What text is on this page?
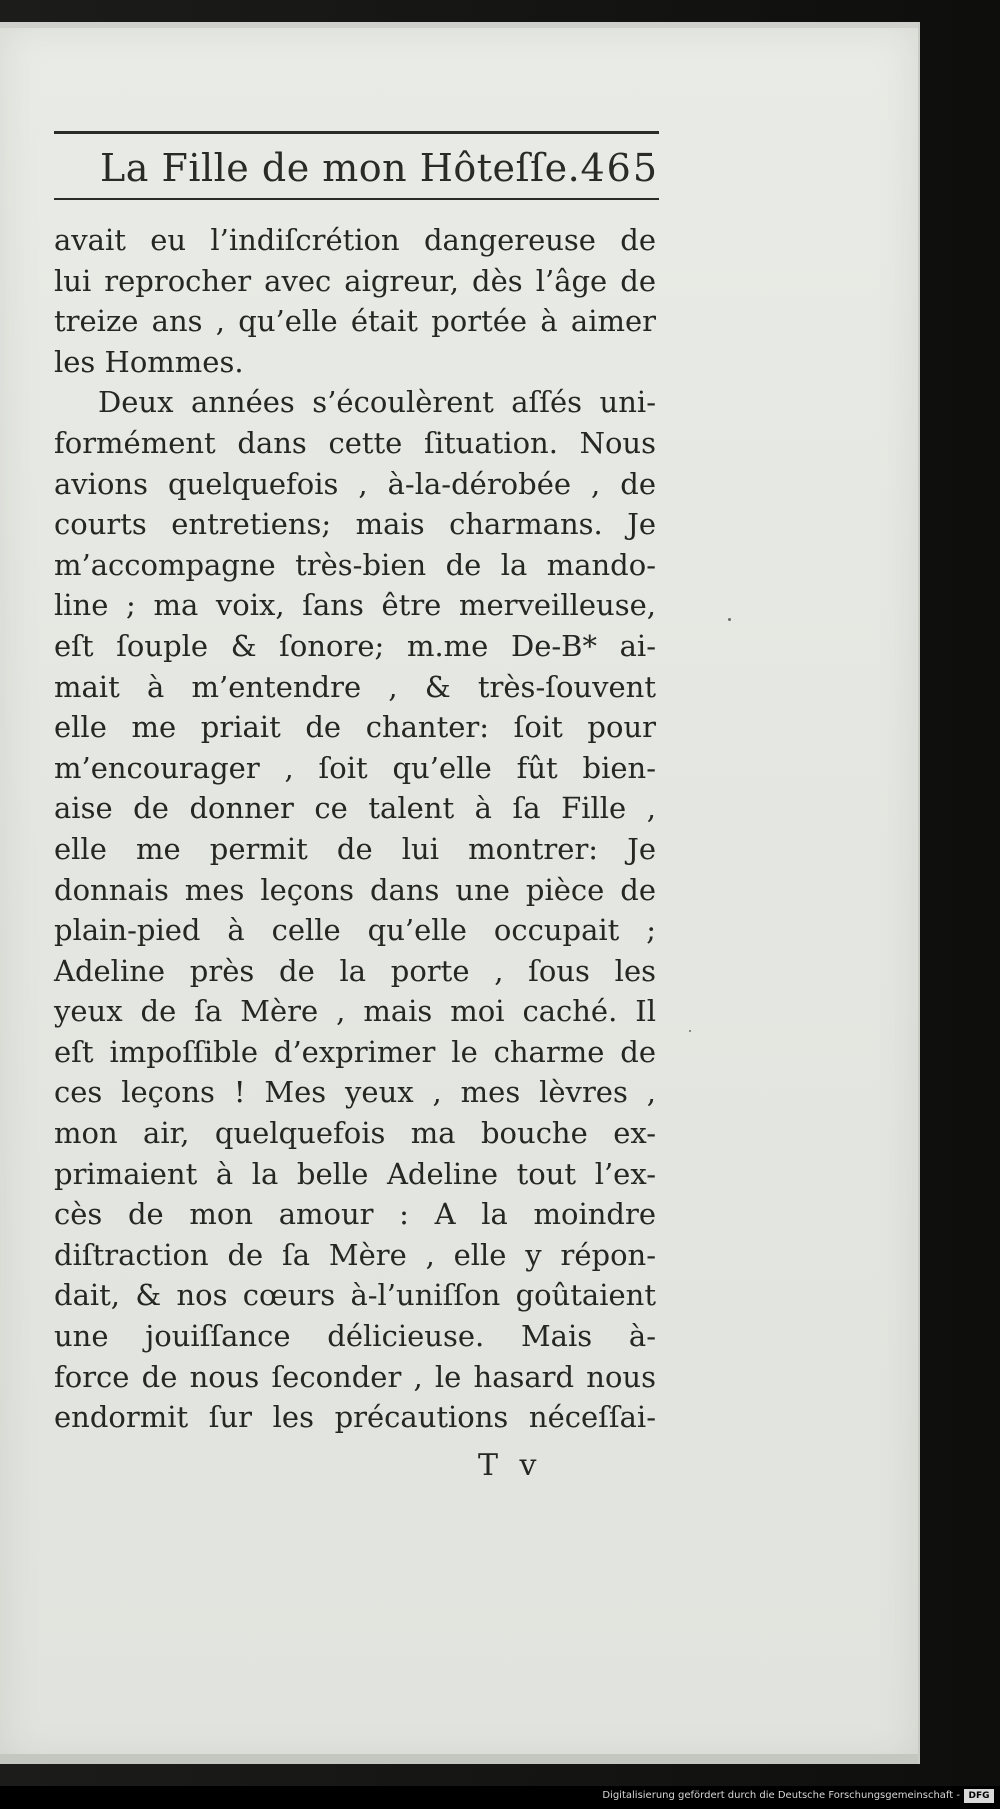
La Fille de mon Hôteſſe. 465
avait eu l’indiſcrétion dangereuse de
lui reprocher avec aigreur, dès l’âge de
treize ans , qu’elle était portée à aimer
les Hommes.
Deux années s’écoulèrent aſſés uni-
formément dans cette ſituation. Nous
avions quelquefois , à-la-dérobée , de
courts entretiens; mais charmans. Je
m’accompagne très-bien de la mando-
line ; ma voix, ſans être merveilleuse,
eſt ſouple & ſonore; m.me De-B* ai-
mait à m’entendre , & très-ſouvent
elle me priait de chanter: ſoit pour
m’encourager , ſoit qu’elle fût bien-
aise de donner ce talent à ſa Fille ,
elle me permit de lui montrer: Je
donnais mes leçons dans une pièce de
plain-pied à celle qu’elle occupait ;
Adeline près de la porte , ſous les
yeux de ſa Mère , mais moi caché. Il
eſt impoſſible d’exprimer le charme de
ces leçons ! Mes yeux , mes lèvres ,
mon air, quelquefois ma bouche ex-
primaient à la belle Adeline tout l’ex-
cès de mon amour : A la moindre
diſtraction de ſa Mère , elle y répon-
dait, & nos cœurs à-l’uniſſon goûtaient
une jouiſſance délicieuse. Mais à-
force de nous ſeconder , le hasard nous
endormit ſur les précautions néceſſai-
T v
Digitalisierung gefördert durch die Deutsche Forschungsgemeinschaft - DFG
